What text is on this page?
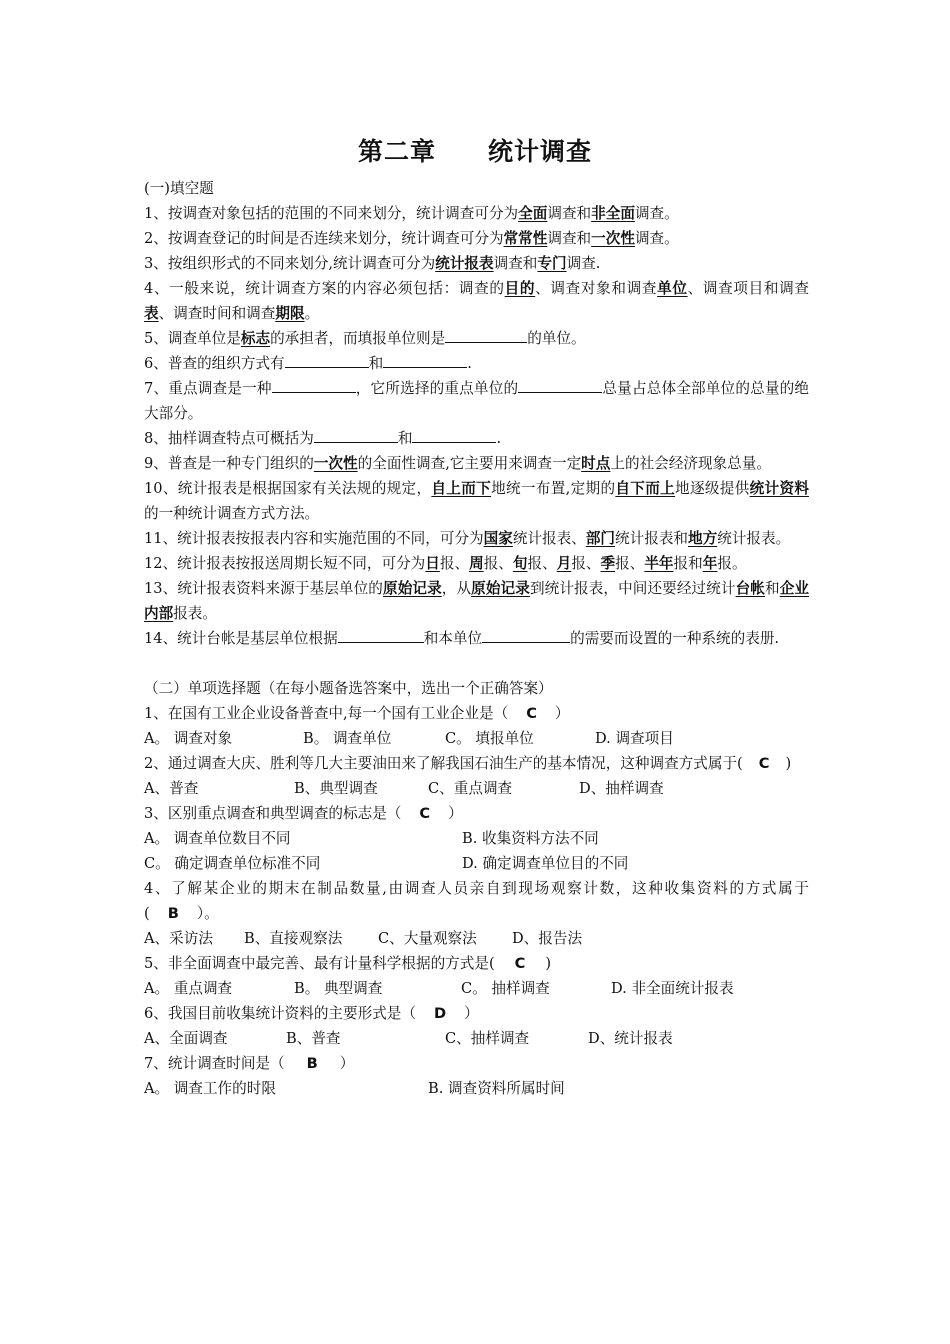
第二章　　统计调查
(一)填空题
1、按调查对象包括的范围的不同来划分，统计调查可分为全面调查和非全面调查。
2、按调查登记的时间是否连续来划分，统计调查可分为常常性调查和一次性调查。
3、按组织形式的不同来划分,统计调查可分为统计报表调查和专门调查.
4、一般来说，统计调查方案的内容必须包括：调查的目的、调查对象和调查单位、调查项目和调查表、调查时间和调查期限。
5、调查单位是标志的承担者，而填报单位则是	的单位。
6、普查的组织方式有	和	.
7、重点调查是一种	，它所选择的重点单位的	总量占总体全部单位的总量的绝大部分。
8、抽样调查特点可概括为	和	.
9、普查是一种专门组织的一次性的全面性调查,它主要用来调查一定时点上的社会经济现象总量。
10、统计报表是根据国家有关法规的规定，自上而下地统一布置,定期的自下而上地逐级提供统计资料的一种统计调查方式方法。
11、统计报表按报表内容和实施范围的不同，可分为国家统计报表、部门统计报表和地方统计报表。
12、统计报表按报送周期长短不同，可分为日报、周报、旬报、月报、季报、半年报和年报。
13、统计报表资料来源于基层单位的原始记录，从原始记录到统计报表，中间还要经过统计台帐和企业内部报表。
14、统计台帐是基层单位根据	和本单位	的需要而设置的一种系统的表册.
（二）单项选择题（在每小题备选答案中，选出一个正确答案）
1、在国有工业企业设备普查中,每一个国有工业企业是（ C ）
A。 调查对象	B。 调查单位	C。 填报单位	D. 调查项目
2、通过调查大庆、胜利等几大主要油田来了解我国石油生产的基本情况，这种调查方式属于( C )
A、普查	B、典型调查	C、重点调查	D、抽样调查
3、区别重点调查和典型调查的标志是（ C ）
A。 调查单位数目不同	B. 收集资料方法不同
C。 确定调查单位标准不同	D. 确定调查单位目的不同
4、了解某企业的期末在制品数量,由调查人员亲自到现场观察计数，这种收集资料的方式属于( B ）。
A、采访法	B、直接观察法	C、大量观察法	D、报告法
5、非全面调查中最完善、最有计量科学根据的方式是( C )
A。 重点调查	B。 典型调查	C。 抽样调查	D. 非全面统计报表
6、我国目前收集统计资料的主要形式是（ D ）
A、全面调查	B、普查	C、抽样调查	D、统计报表
7、统计调查时间是（ B ）
A。 调查工作的时限	B. 调查资料所属时间
